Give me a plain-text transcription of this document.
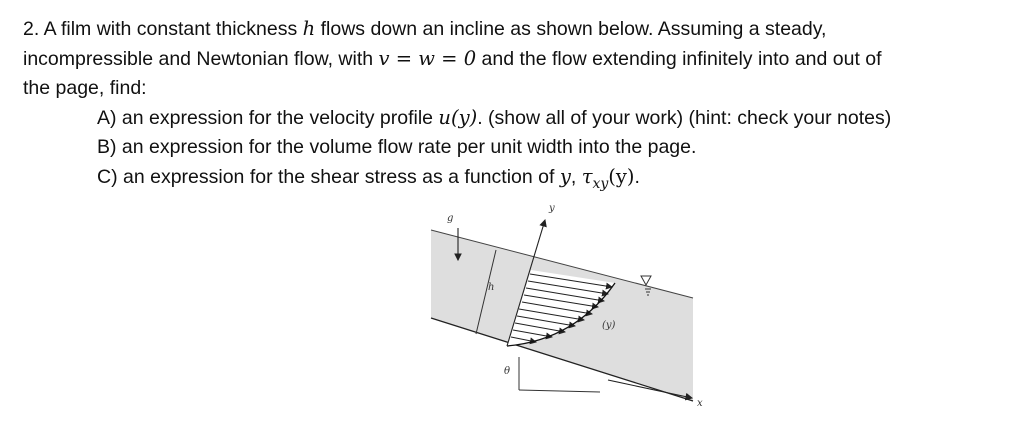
2. A film with constant thickness h flows down an incline as shown below. Assuming a steady,
incompressible and Newtonian flow, with v = w = 0 and the flow extending infinitely into and out of
the page, find:
A) an expression for the velocity profile u(y). (show all of your work) (hint: check your notes)
B) an expression for the volume flow rate per unit width into the page.
C) an expression for the shear stress as a function of y, $\tau_{xy}(y)$.
y
x
g
h
(y)
θ
